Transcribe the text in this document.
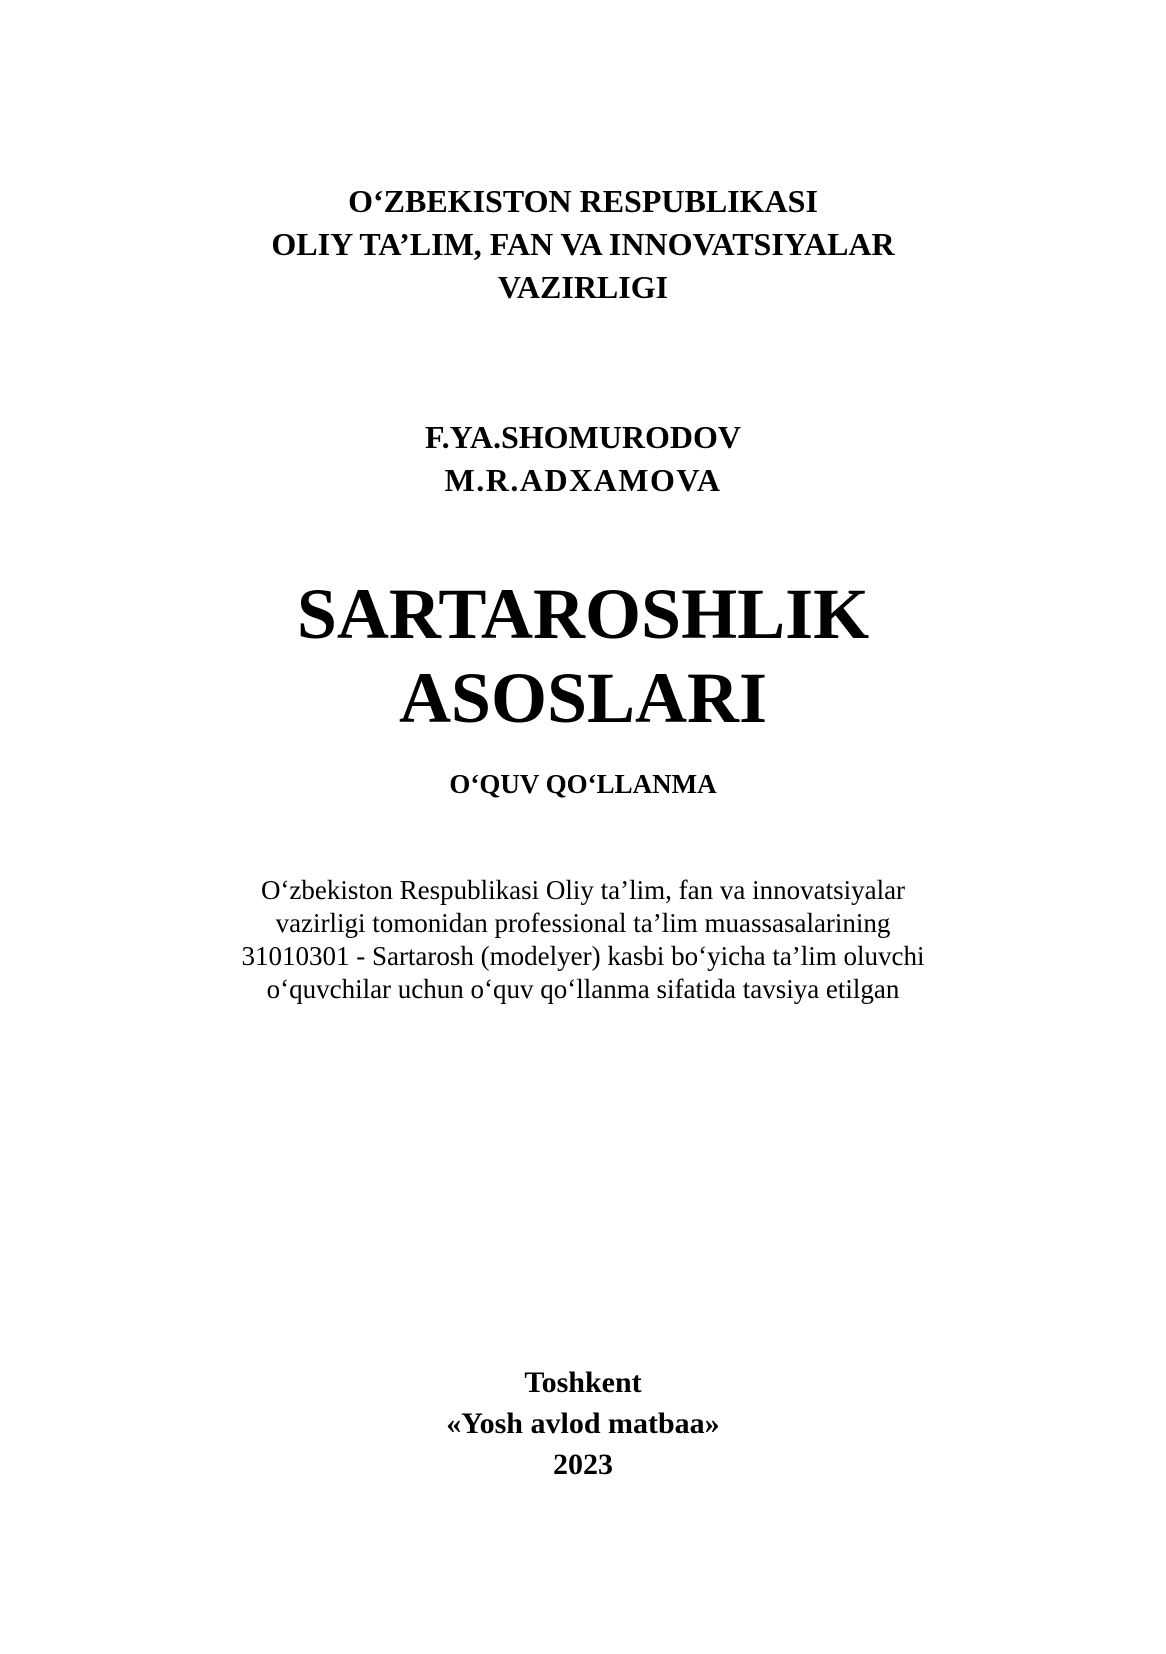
O‘ZBEKISTON RESPUBLIKASI
OLIY TA’LIM, FAN VA INNOVATSIYALAR
VAZIRLIGI
F.YA.SHOMURODOV
M.R.ADXAMOVA
SARTAROSHLIK
ASOSLARI
O‘QUV QO‘LLANMA
O‘zbekiston Respublikasi Oliy ta’lim, fan va innovatsiyalar
vazirligi tomonidan professional ta’lim muassasalarining
31010301 - Sartarosh (modelyer) kasbi bo‘yicha ta’lim oluvchi
o‘quvchilar uchun o‘quv qo‘llanma sifatida tavsiya etilgan
Toshkent
«Yosh avlod matbaa»
2023
